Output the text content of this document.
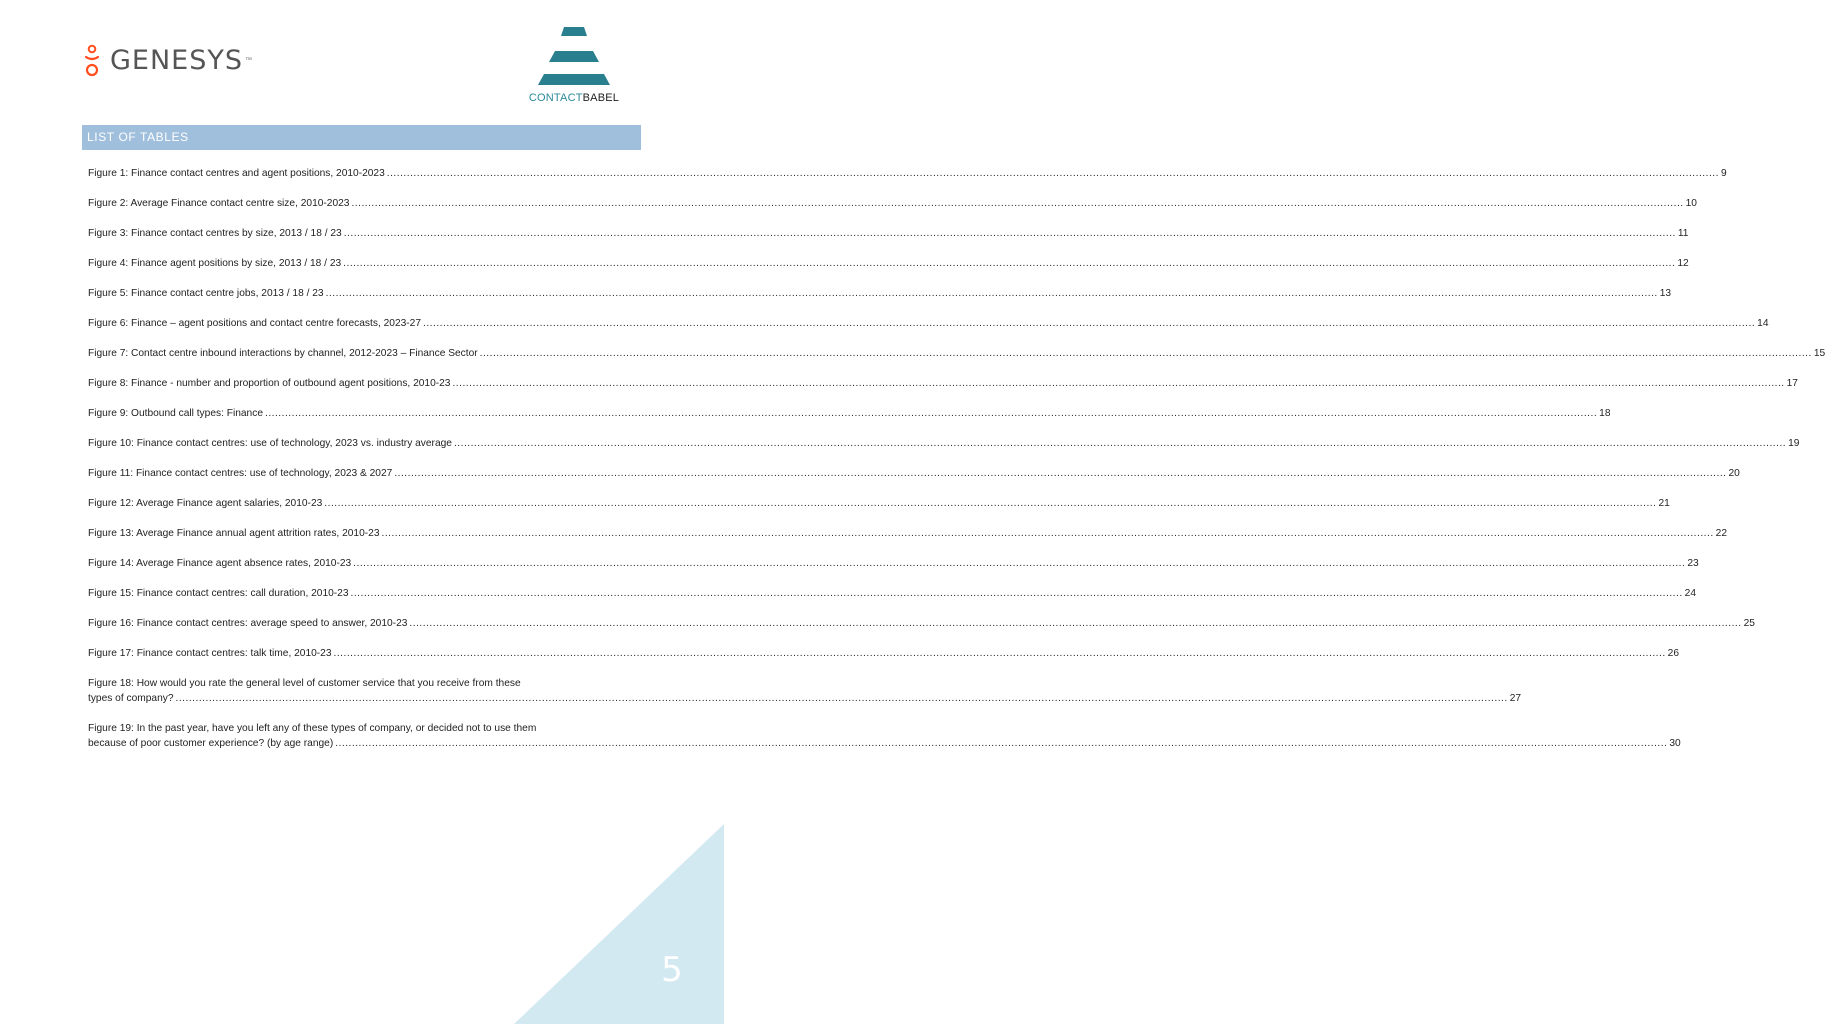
GENESYS ™
CONTACTBABEL
LIST OF TABLES
Figure 1: Finance contact centres and agent positions, 2010-2023 ................................................................................................................................................................................................................................................................................................................................................................................................................ 9
Figure 2: Average Finance contact centre size, 2010-2023 ................................................................................................................................................................................................................................................................................................................................................................................................................ 10
Figure 3: Finance contact centres by size, 2013 / 18 / 23 ................................................................................................................................................................................................................................................................................................................................................................................................................ 11
Figure 4: Finance agent positions by size, 2013 / 18 / 23 ................................................................................................................................................................................................................................................................................................................................................................................................................ 12
Figure 5: Finance contact centre jobs, 2013 / 18 / 23 ................................................................................................................................................................................................................................................................................................................................................................................................................ 13
Figure 6: Finance – agent positions and contact centre forecasts, 2023-27 ................................................................................................................................................................................................................................................................................................................................................................................................................ 14
Figure 7: Contact centre inbound interactions by channel, 2012-2023 – Finance Sector ................................................................................................................................................................................................................................................................................................................................................................................................................ 15
Figure 8: Finance - number and proportion of outbound agent positions, 2010-23 ................................................................................................................................................................................................................................................................................................................................................................................................................ 17
Figure 9: Outbound call types: Finance ................................................................................................................................................................................................................................................................................................................................................................................................................ 18
Figure 10: Finance contact centres: use of technology, 2023 vs. industry average ................................................................................................................................................................................................................................................................................................................................................................................................................ 19
Figure 11: Finance contact centres: use of technology, 2023 & 2027 ................................................................................................................................................................................................................................................................................................................................................................................................................ 20
Figure 12: Average Finance agent salaries, 2010-23 ................................................................................................................................................................................................................................................................................................................................................................................................................ 21
Figure 13: Average Finance annual agent attrition rates, 2010-23 ................................................................................................................................................................................................................................................................................................................................................................................................................ 22
Figure 14: Average Finance agent absence rates, 2010-23 ................................................................................................................................................................................................................................................................................................................................................................................................................ 23
Figure 15: Finance contact centres: call duration, 2010-23 ................................................................................................................................................................................................................................................................................................................................................................................................................ 24
Figure 16: Finance contact centres: average speed to answer, 2010-23 ................................................................................................................................................................................................................................................................................................................................................................................................................ 25
Figure 17: Finance contact centres: talk time, 2010-23 ................................................................................................................................................................................................................................................................................................................................................................................................................ 26
Figure 18: How would you rate the general level of customer service that you receive from these
types of company? ................................................................................................................................................................................................................................................................................................................................................................................................................ 27
Figure 19: In the past year, have you left any of these types of company, or decided not to use them
because of poor customer experience? (by age range) ................................................................................................................................................................................................................................................................................................................................................................................................................ 30
5
